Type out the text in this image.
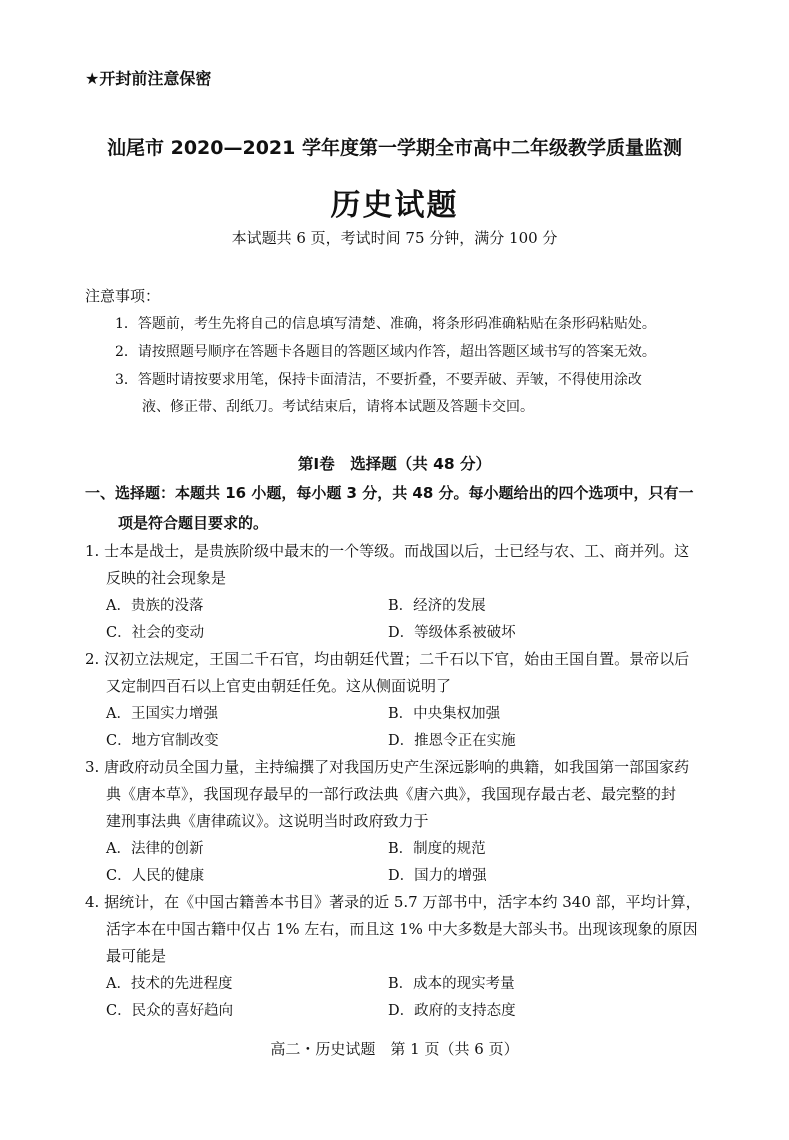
★开封前注意保密
汕尾市 2020—2021 学年度第一学期全市高中二年级教学质量监测
历史试题
本试题共 6 页，考试时间 75 分钟，满分 100 分
注意事项：
1．答题前，考生先将自己的信息填写清楚、准确，将条形码准确粘贴在条形码粘贴处。
2．请按照题号顺序在答题卡各题目的答题区域内作答，超出答题区域书写的答案无效。
3．答题时请按要求用笔，保持卡面清洁，不要折叠，不要弄破、弄皱，不得使用涂改
液、修正带、刮纸刀。考试结束后，请将本试题及答题卡交回。
第Ⅰ卷　选择题（共 48 分）
一、选择题：本题共 16 小题，每小题 3 分，共 48 分。每小题给出的四个选项中，只有一
项是符合题目要求的。
1. 士本是战士，是贵族阶级中最末的一个等级。而战国以后，士已经与农、工、商并列。这
反映的社会现象是
A．贵族的没落	B．经济的发展
C．社会的变动	D．等级体系被破坏
2. 汉初立法规定，王国二千石官，均由朝廷代置；二千石以下官，始由王国自置。景帝以后
又定制四百石以上官吏由朝廷任免。这从侧面说明了
A．王国实力增强	B．中央集权加强
C．地方官制改变	D．推恩令正在实施
3. 唐政府动员全国力量，主持编撰了对我国历史产生深远影响的典籍，如我国第一部国家药
典《唐本草》，我国现存最早的一部行政法典《唐六典》，我国现存最古老、最完整的封
建刑事法典《唐律疏议》。这说明当时政府致力于
A．法律的创新	B．制度的规范
C．人民的健康	D．国力的增强
4. 据统计，在《中国古籍善本书目》著录的近 5.7 万部书中，活字本约 340 部，平均计算，
活字本在中国古籍中仅占 1% 左右，而且这 1% 中大多数是大部头书。出现该现象的原因
最可能是
A．技术的先进程度	B．成本的现实考量
C．民众的喜好趋向	D．政府的支持态度
高二・历史试题　第 1 页（共 6 页）
